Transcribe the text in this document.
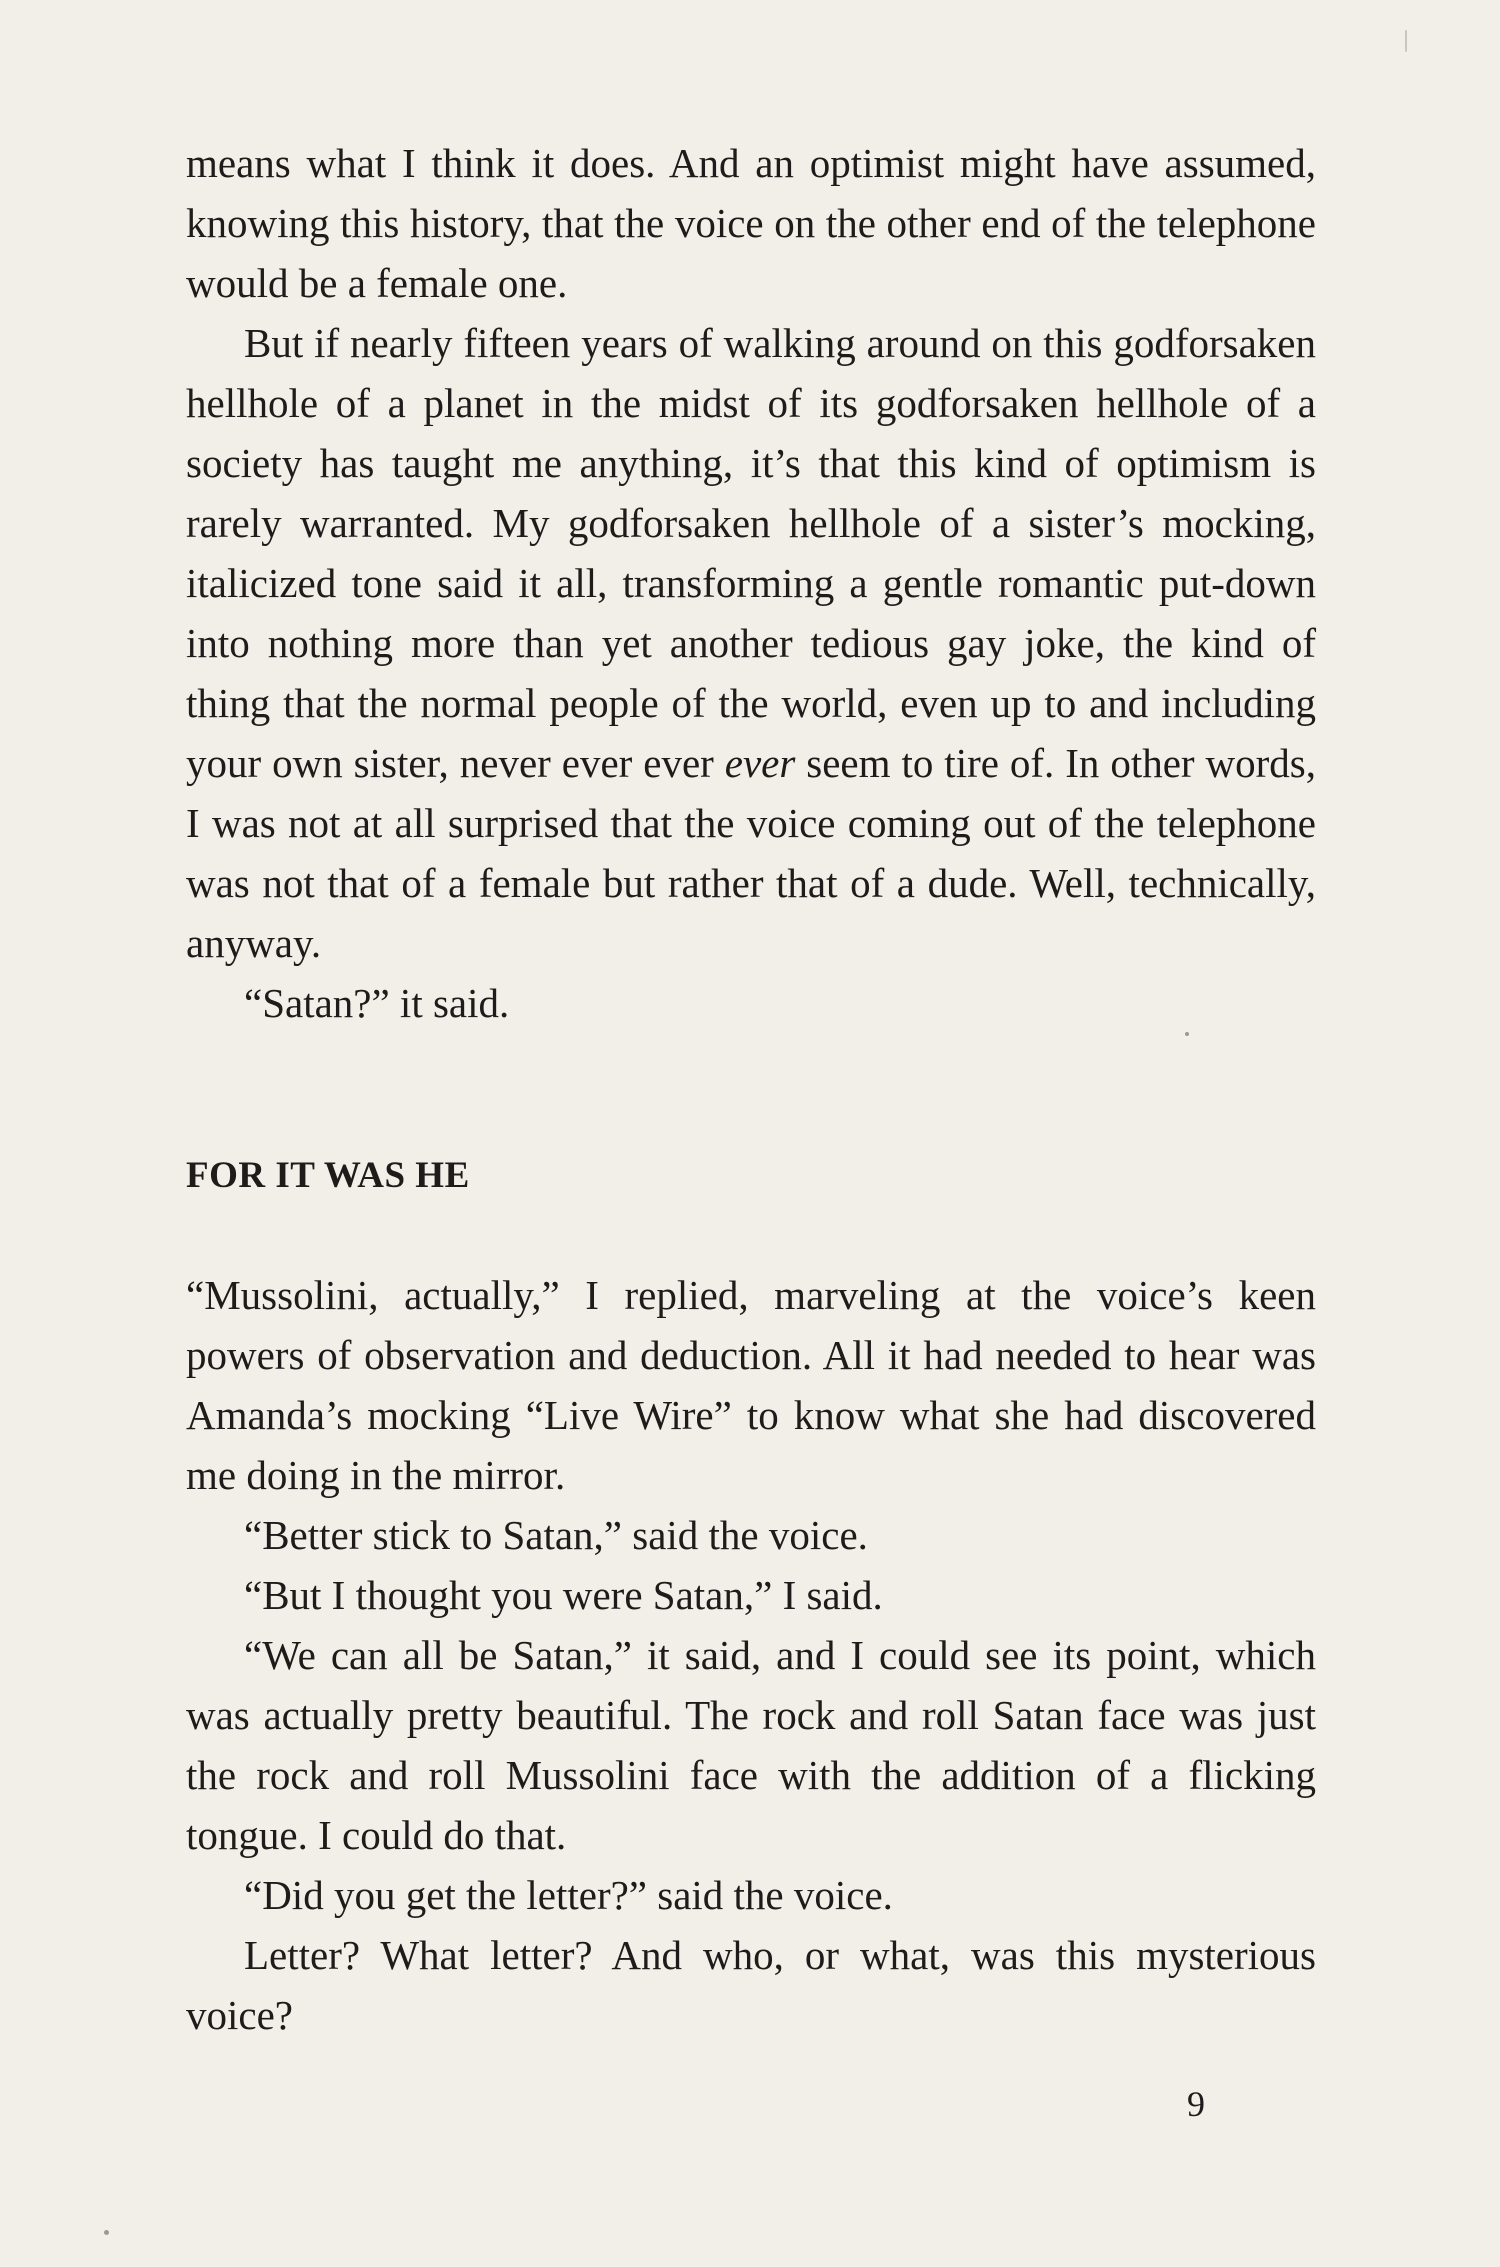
means what I think it does. And an optimist might have assumed, knowing this history, that the voice on the other end of the telephone would be a female one.

But if nearly fifteen years of walking around on this godforsaken hellhole of a planet in the midst of its godforsaken hellhole of a society has taught me anything, it’s that this kind of optimism is rarely warranted. My godforsaken hellhole of a sister’s mocking, italicized tone said it all, transforming a gentle romantic put-down into nothing more than yet another tedious gay joke, the kind of thing that the normal people of the world, even up to and including your own sister, never ever ever ever seem to tire of. In other words, I was not at all surprised that the voice coming out of the telephone was not that of a female but rather that of a dude. Well, technically, anyway.

“Satan?” it said.

FOR IT WAS HE

“Mussolini, actually,” I replied, marveling at the voice’s keen powers of observation and deduction. All it had needed to hear was Amanda’s mocking “Live Wire” to know what she had discovered me doing in the mirror.

“Better stick to Satan,” said the voice.

“But I thought you were Satan,” I said.

“We can all be Satan,” it said, and I could see its point, which was actually pretty beautiful. The rock and roll Satan face was just the rock and roll Mussolini face with the addition of a flicking tongue. I could do that.

“Did you get the letter?” said the voice.

Letter? What letter? And who, or what, was this mysterious voice?

9
